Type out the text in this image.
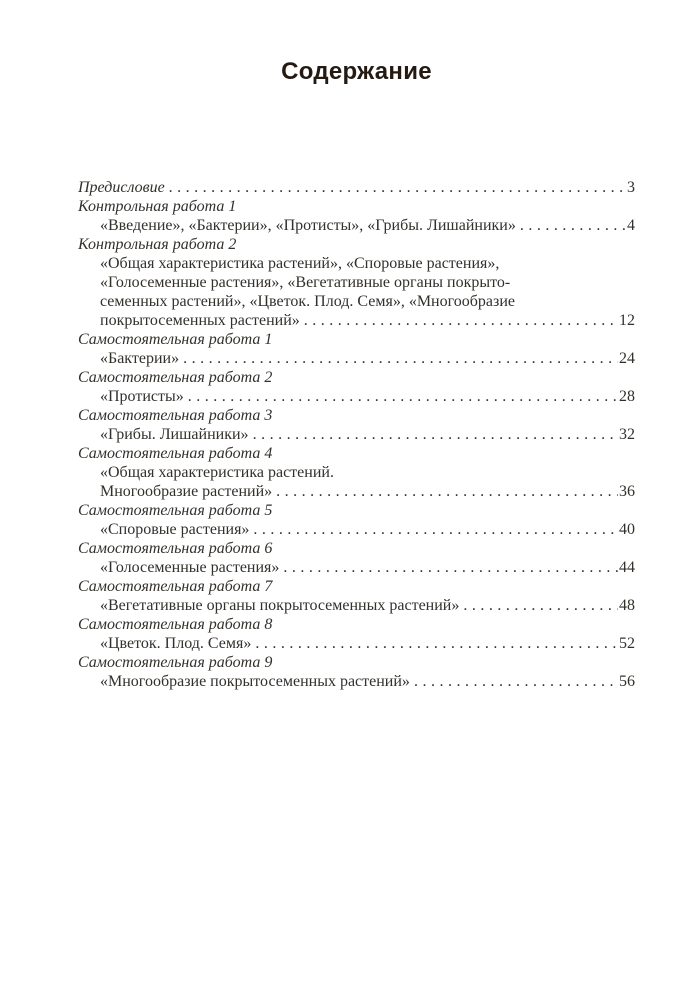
Содержание
Предисловие .....	3
Контрольная работа 1
«Введение», «Бактерии», «Протисты», «Грибы. Лишайники» .....	4
Контрольная работа 2
«Общая характеристика растений», «Споровые растения»,
«Голосеменные растения», «Вегетативные органы покрыто-
семенных растений», «Цветок. Плод. Семя», «Многообразие
покрытосеменных растений» .....	12
Самостоятельная работа 1
«Бактерии» .....	24
Самостоятельная работа 2
«Протисты» .....	28
Самостоятельная работа 3
«Грибы. Лишайники» .....	32
Самостоятельная работа 4
«Общая характеристика растений.
Многообразие растений» .....	36
Самостоятельная работа 5
«Споровые растения» .....	40
Самостоятельная работа 6
«Голосеменные растения» .....	44
Самостоятельная работа 7
«Вегетативные органы покрытосеменных растений» .....	48
Самостоятельная работа 8
«Цветок. Плод. Семя» .....	52
Самостоятельная работа 9
«Многообразие покрытосеменных растений» .....	56
